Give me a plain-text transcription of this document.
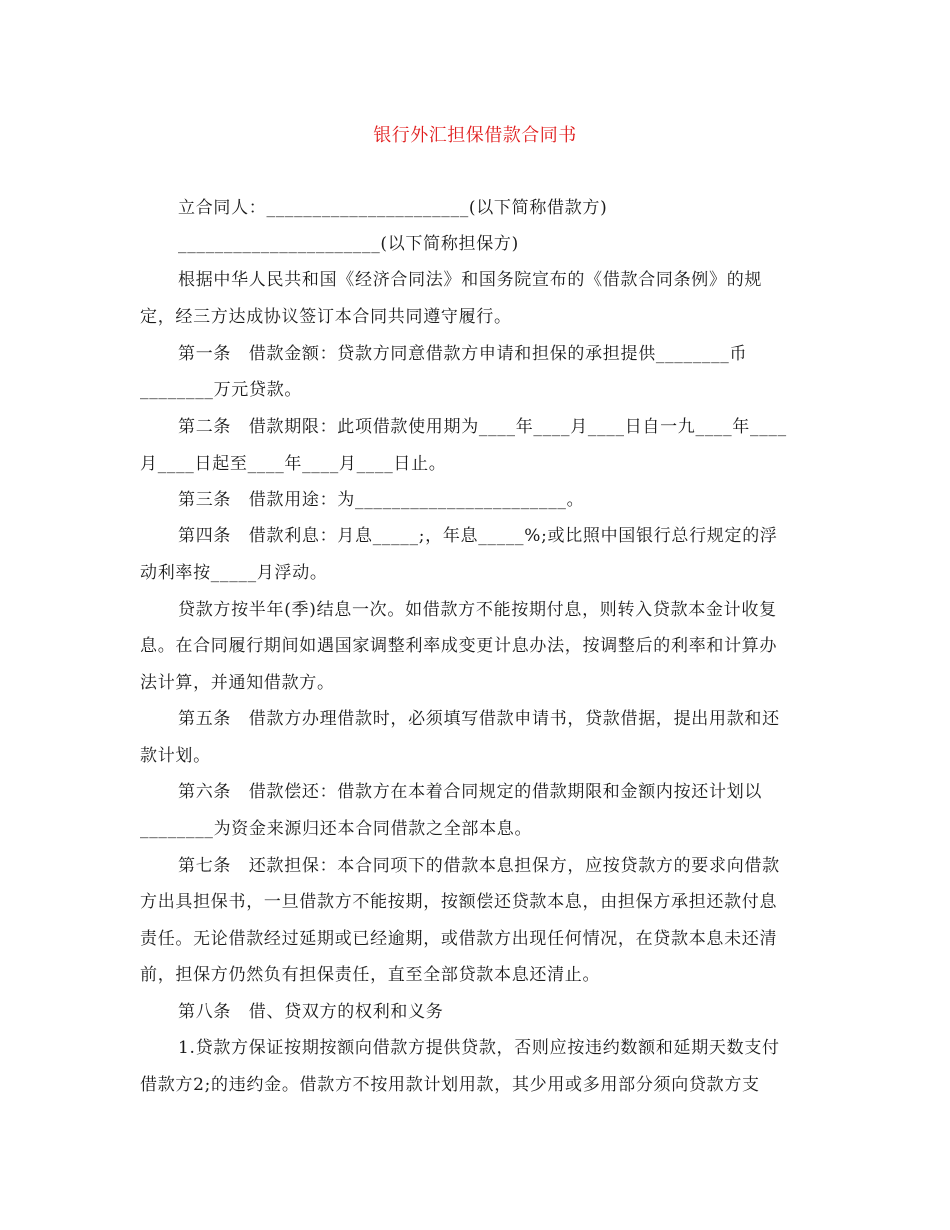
银行外汇担保借款合同书
立合同人：______________________(以下简称借款方)
______________________(以下简称担保方)
根据中华人民共和国《经济合同法》和国务院宣布的《借款合同条例》的规
定，经三方达成协议签订本合同共同遵守履行。
第一条　借款金额：贷款方同意借款方申请和担保的承担提供________币
________万元贷款。
第二条　借款期限：此项借款使用期为____年____月____日自一九____年____
月____日起至____年____月____日止。
第三条　借款用途：为_______________________。
第四条　借款利息：月息_____;，年息_____%;或比照中国银行总行规定的浮
动利率按_____月浮动。
贷款方按半年(季)结息一次。如借款方不能按期付息，则转入贷款本金计收复
息。在合同履行期间如遇国家调整利率成变更计息办法，按调整后的利率和计算办
法计算，并通知借款方。
第五条　借款方办理借款时，必须填写借款申请书，贷款借据，提出用款和还
款计划。
第六条　借款偿还：借款方在本着合同规定的借款期限和金额内按还计划以
________为资金来源归还本合同借款之全部本息。
第七条　还款担保：本合同项下的借款本息担保方，应按贷款方的要求向借款
方出具担保书，一旦借款方不能按期，按额偿还贷款本息，由担保方承担还款付息
责任。无论借款经过延期或已经逾期，或借款方出现任何情况，在贷款本息未还清
前，担保方仍然负有担保责任，直至全部贷款本息还清止。
第八条　借、贷双方的权利和义务
1.贷款方保证按期按额向借款方提供贷款，否则应按违约数额和延期天数支付
借款方2;的违约金。借款方不按用款计划用款，其少用或多用部分须向贷款方支
